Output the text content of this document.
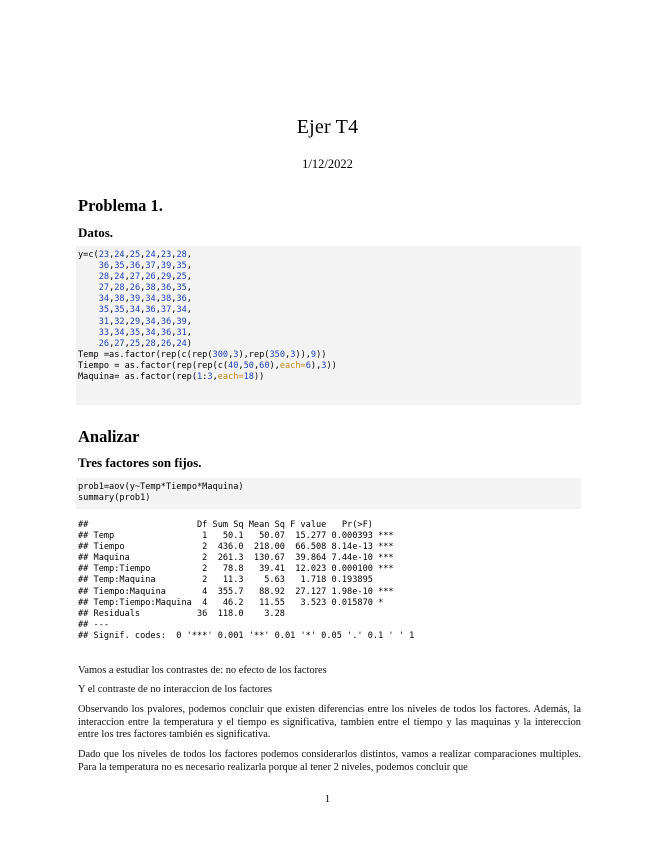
Ejer T4
1/12/2022
Problema 1.
Datos.
y=c(23,24,25,24,23,28,
36,35,36,37,39,35,
28,24,27,26,29,25,
27,28,26,38,36,35,
34,38,39,34,38,36,
35,35,34,36,37,34,
31,32,29,34,36,39,
33,34,35,34,36,31,
26,27,25,28,26,24)
Temp =as.factor(rep(c(rep(300,3),rep(350,3)),9))
Tiempo = as.factor(rep(rep(c(40,50,60),each=6),3))
Maquina= as.factor(rep(1:3,each=18))
Analizar
Tres factores son fijos.
prob1=aov(y~Temp*Tiempo*Maquina)
summary(prob1)
##                     Df Sum Sq Mean Sq F value   Pr(>F)
## Temp                 1   50.1   50.07  15.277 0.000393 ***
## Tiempo               2  436.0  218.00  66.508 8.14e-13 ***
## Maquina              2  261.3  130.67  39.864 7.44e-10 ***
## Temp:Tiempo          2   78.8   39.41  12.023 0.000100 ***
## Temp:Maquina         2   11.3    5.63   1.718 0.193895
## Tiempo:Maquina       4  355.7   88.92  27.127 1.98e-10 ***
## Temp:Tiempo:Maquina  4   46.2   11.55   3.523 0.015870 *
## Residuals           36  118.0    3.28
## ---
## Signif. codes:  0 '***' 0.001 '**' 0.01 '*' 0.05 '.' 0.1 ' ' 1
Vamos a estudiar los contrastes de: no efecto de los factores
Y el contraste de no interaccion de los factores
Observando los pvalores, podemos concluir que existen diferencias entre los niveles de todos los factores. Además, la interaccion entre la temperatura y el tiempo es significativa, tambien entre el tiempo y las maquinas y la intereccion entre los tres factores también es significativa.
Dado que los niveles de todos los factores podemos considerarlos distintos, vamos a realizar comparaciones multiples. Para la temperatura no es necesario realizarla porque al tener 2 niveles, podemos concluir que
1
